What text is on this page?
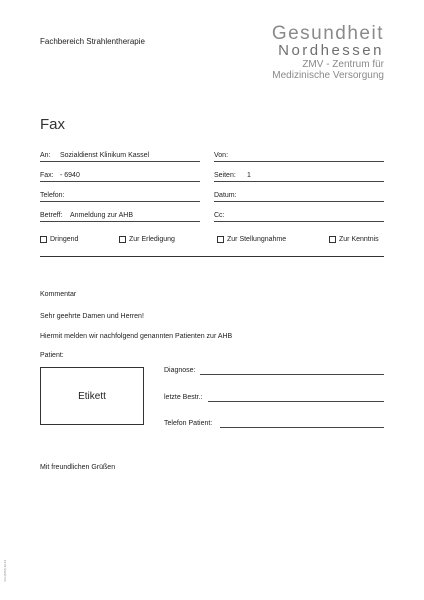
Fachbereich Strahlentherapie	Gesundheit
Nordhessen
ZMV - Zentrum für
Medizinische Versorgung
Fax
An: Sozialdienst Klinikum Kassel	Von:
Fax: - 6940	Seiten: 1
Telefon:	Datum:
Betreff: Anmeldung zur AHB	Cc:
Dringend	Zur Erledigung	Zur Stellungnahme	Zur Kenntnis
Kommentar
Sehr geehrte Damen und Herren!
Hiermit melden wir nachfolgend genannten Patienten zur AHB
Patient:
Etikett
Diagnose:
letzte Bestr.:
Telefon Patient:
Mit freundlichen Grüßen
Vnr.(STR) 12.13
